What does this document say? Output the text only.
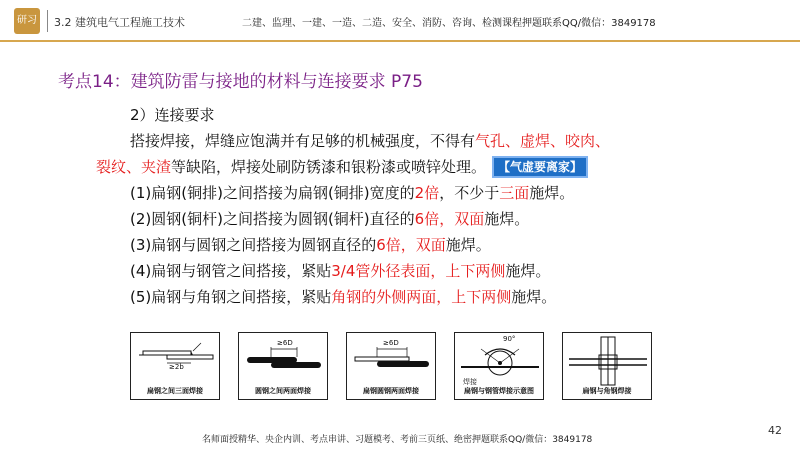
研习 3.2 建筑电气工程施工技术	二建、监理、一建、一造、二造、安全、消防、咨询、检测课程押题联系QQ/微信：3849178
考点14：建筑防雷与接地的材料与连接要求 P75
2）连接要求
搭接焊接，焊缝应饱满并有足够的机械强度，不得有气孔、虚焊、咬肉、
裂纹、夹渣等缺陷，焊接处刷防锈漆和银粉漆或喷锌处理。 【气虚要离家】
(1)扁钢(铜排)之间搭接为扁钢(铜排)宽度的2倍，不少于三面施焊。
(2)圆钢(铜杆)之间搭接为圆钢(铜杆)直径的6倍，双面施焊。
(3)扁钢与圆钢之间搭接为圆钢直径的6倍，双面施焊。
(4)扁钢与钢管之间搭接，紧贴3/4管外径表面，上下两侧施焊。
(5)扁钢与角钢之间搭接，紧贴角钢的外侧两面，上下两侧施焊。
≥2b
扁钢之间三面焊接
≥6D
圆钢之间两面焊接
≥6D
扁钢圆钢两面焊接
90°
焊接
扁钢与钢管焊接示意图	扁钢与角钢焊接
名师面授精华、央企内训、考点串讲、习题模考、考前三页纸、绝密押题联系QQ/微信：3849178
42
